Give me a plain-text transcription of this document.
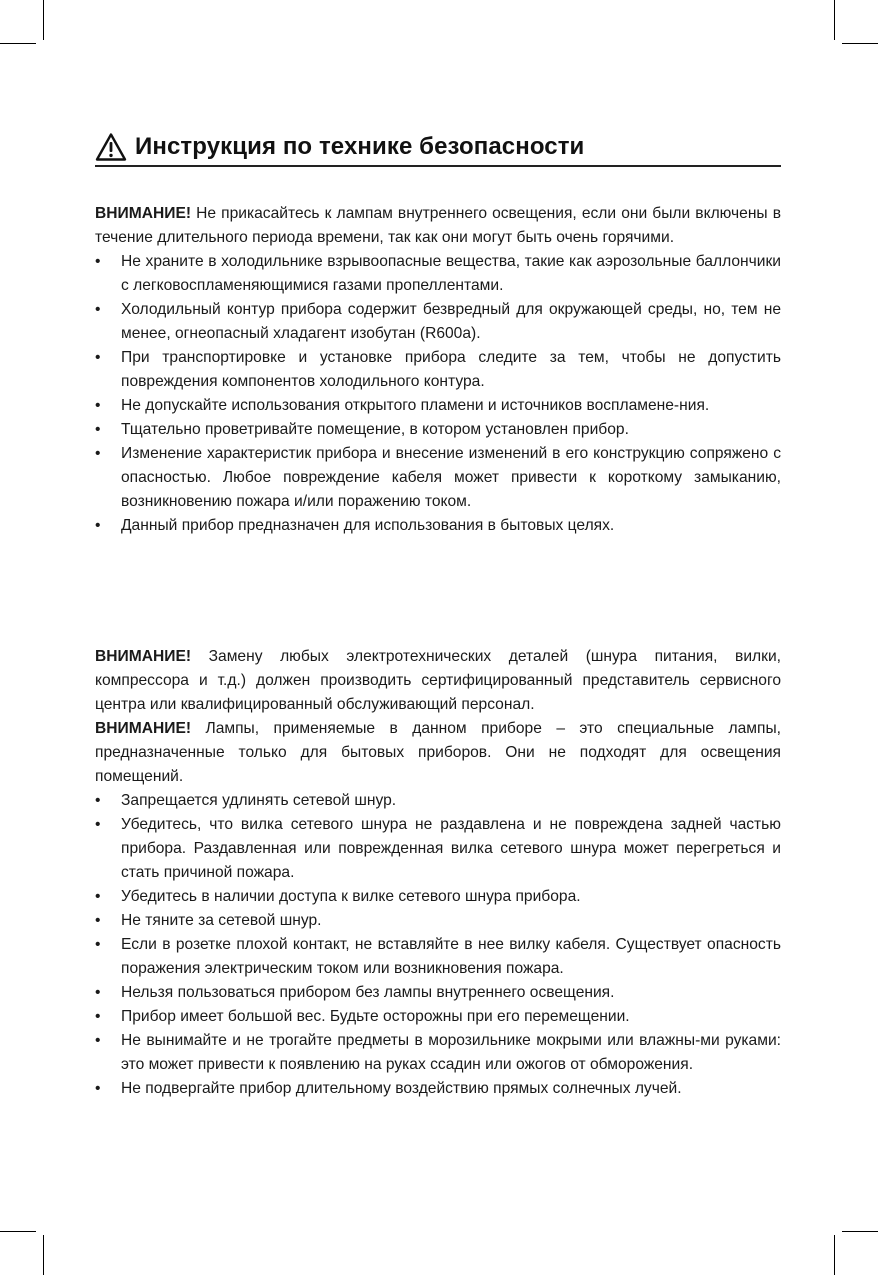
Инструкция по технике безопасности

ВНИМАНИЕ! Не прикасайтесь к лампам внутреннего освещения, если они были включены в течение длительного периода времени, так как они могут быть очень горячими.

• Не храните в холодильнике взрывоопасные вещества, такие как аэрозольные баллончики с легковоспламеняющимися газами пропеллентами.
• Холодильный контур прибора содержит безвредный для окружающей среды, но, тем не менее, огнеопасный хладагент изобутан (R600a).
• При транспортировке и установке прибора следите за тем, чтобы не допустить повреждения компонентов холодильного контура.
• Не допускайте использования открытого пламени и источников воспламене-ния.
• Тщательно проветривайте помещение, в котором установлен прибор.
• Изменение характеристик прибора и внесение изменений в его конструкцию сопряжено с опасностью. Любое повреждение кабеля может привести к короткому замыканию, возникновению пожара и/или поражению током.
• Данный прибор предназначен для использования в бытовых целях.

ВНИМАНИЕ! Замену любых электротехнических деталей (шнура питания, вилки, компрессора и т.д.) должен производить сертифицированный представитель сервисного центра или квалифицированный обслуживающий персонал.

ВНИМАНИЕ! Лампы, применяемые в данном приборе – это специальные лампы, предназначенные только для бытовых приборов. Они не подходят для освещения помещений.

• Запрещается удлинять сетевой шнур.
• Убедитесь, что вилка сетевого шнура не раздавлена и не повреждена задней частью прибора. Раздавленная или поврежденная вилка сетевого шнура может перегреться и стать причиной пожара.
• Убедитесь в наличии доступа к вилке сетевого шнура прибора.
• Не тяните за сетевой шнур.
• Если в розетке плохой контакт, не вставляйте в нее вилку кабеля. Существует опасность поражения электрическим током или возникновения пожара.
• Нельзя пользоваться прибором без лампы внутреннего освещения.
• Прибор имеет большой вес. Будьте осторожны при его перемещении.
• Не вынимайте и не трогайте предметы в морозильнике мокрыми или влажны-ми руками: это может привести к появлению на руках ссадин или ожогов от обморожения.
• Не подвергайте прибор длительному воздействию прямых солнечных лучей.
